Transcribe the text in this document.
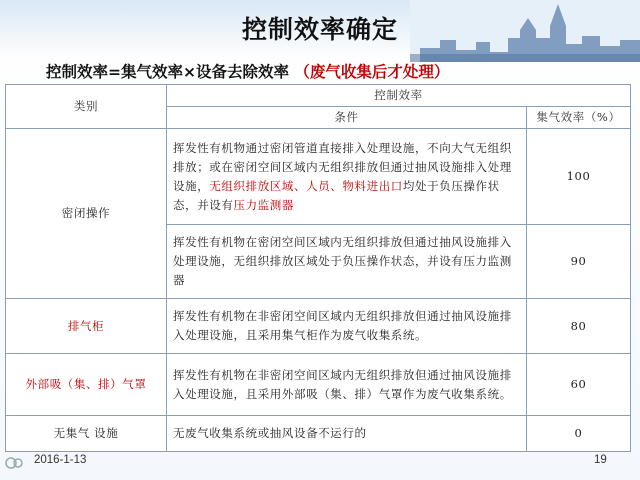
控制效率确定
控制效率=集气效率×设备去除效率 （废气收集后才处理）
类别	控制效率	
	条件	集气效率（%）
密闭操作	挥发性有机物通过密闭管道直接排入处理设施，不向大气无组织排放；或在密闭空间区域内无组织排放但通过抽风设施排入处理设施，无组织排放区域、人员、物料进出口均处于负压操作状态，并设有压力监测器	100
	挥发性有机物在密闭空间区域内无组织排放但通过抽风设施排入处理设施，无组织排放区域处于负压操作状态，并设有压力监测器	90
排气柜	挥发性有机物在非密闭空间区域内无组织排放但通过抽风设施排入处理设施，且采用集气柜作为废气收集系统。	80
外部吸（集、排）气罩	挥发性有机物在非密闭空间区域内无组织排放但通过抽风设施排入处理设施，且采用外部吸（集、排）气罩作为废气收集系统。	60
无集气 设施	无废气收集系统或抽风设备不运行的	0
2016-1-13	19
